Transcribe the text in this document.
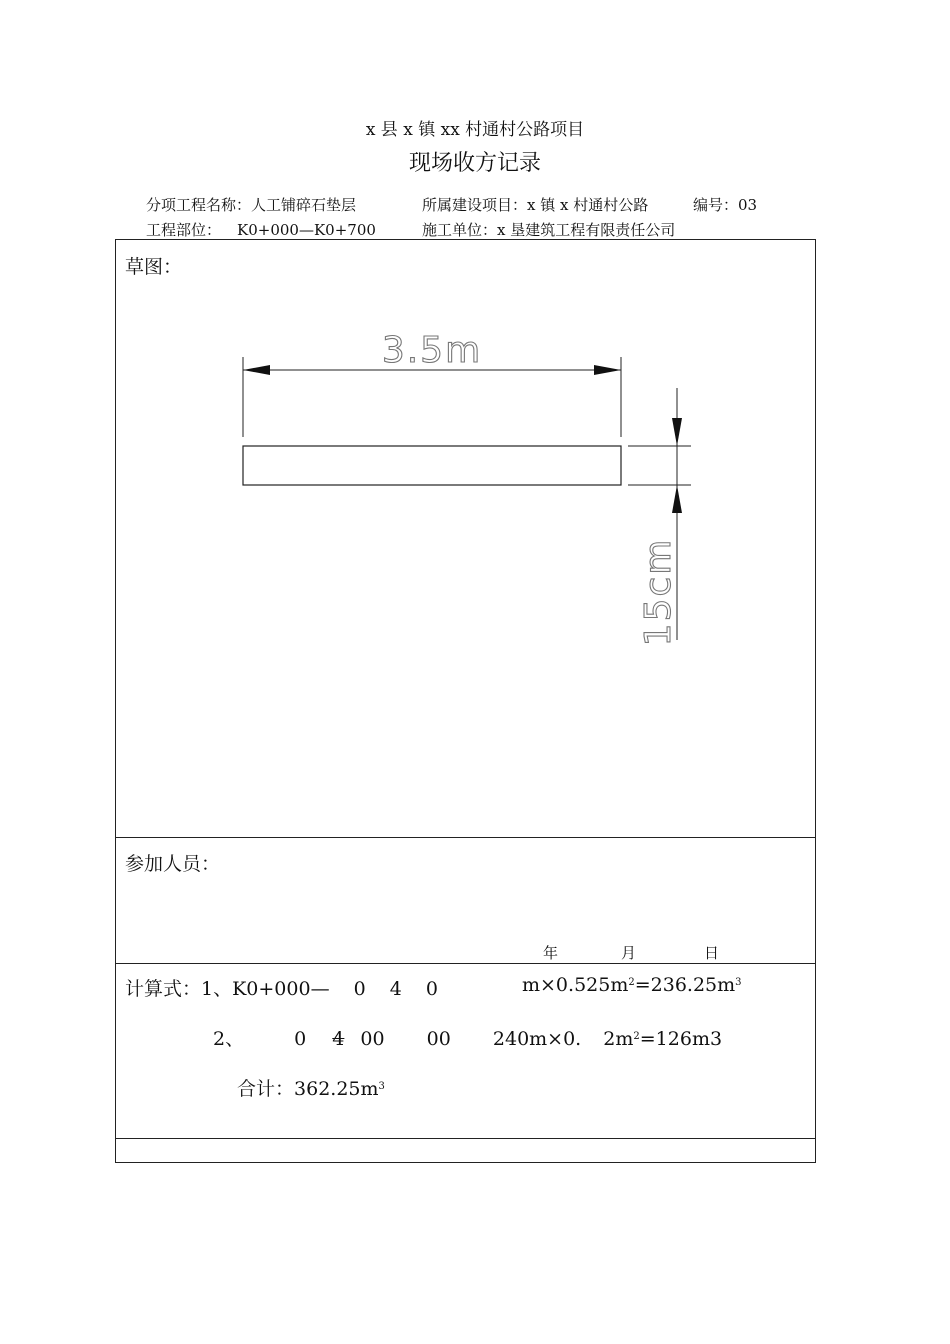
x 县 x 镇 xx 村通村公路项目
现场收方记录
分项工程名称：人工铺碎石垫层	所属建设项目：x 镇 x 村通村公路	编号：03
工程部位： K0+000—K0+700	施工单位：x 垦建筑工程有限责任公司
草图：
3.5m
15cm
参加人员：
年	月	日
计算式：1、K0+000— 0 4 0	$m\times 0.525m^2=236.25m^3$
2、	0 4 00 00 240m×0. $2m^2=126m3$
合计：$362.25m^3$
